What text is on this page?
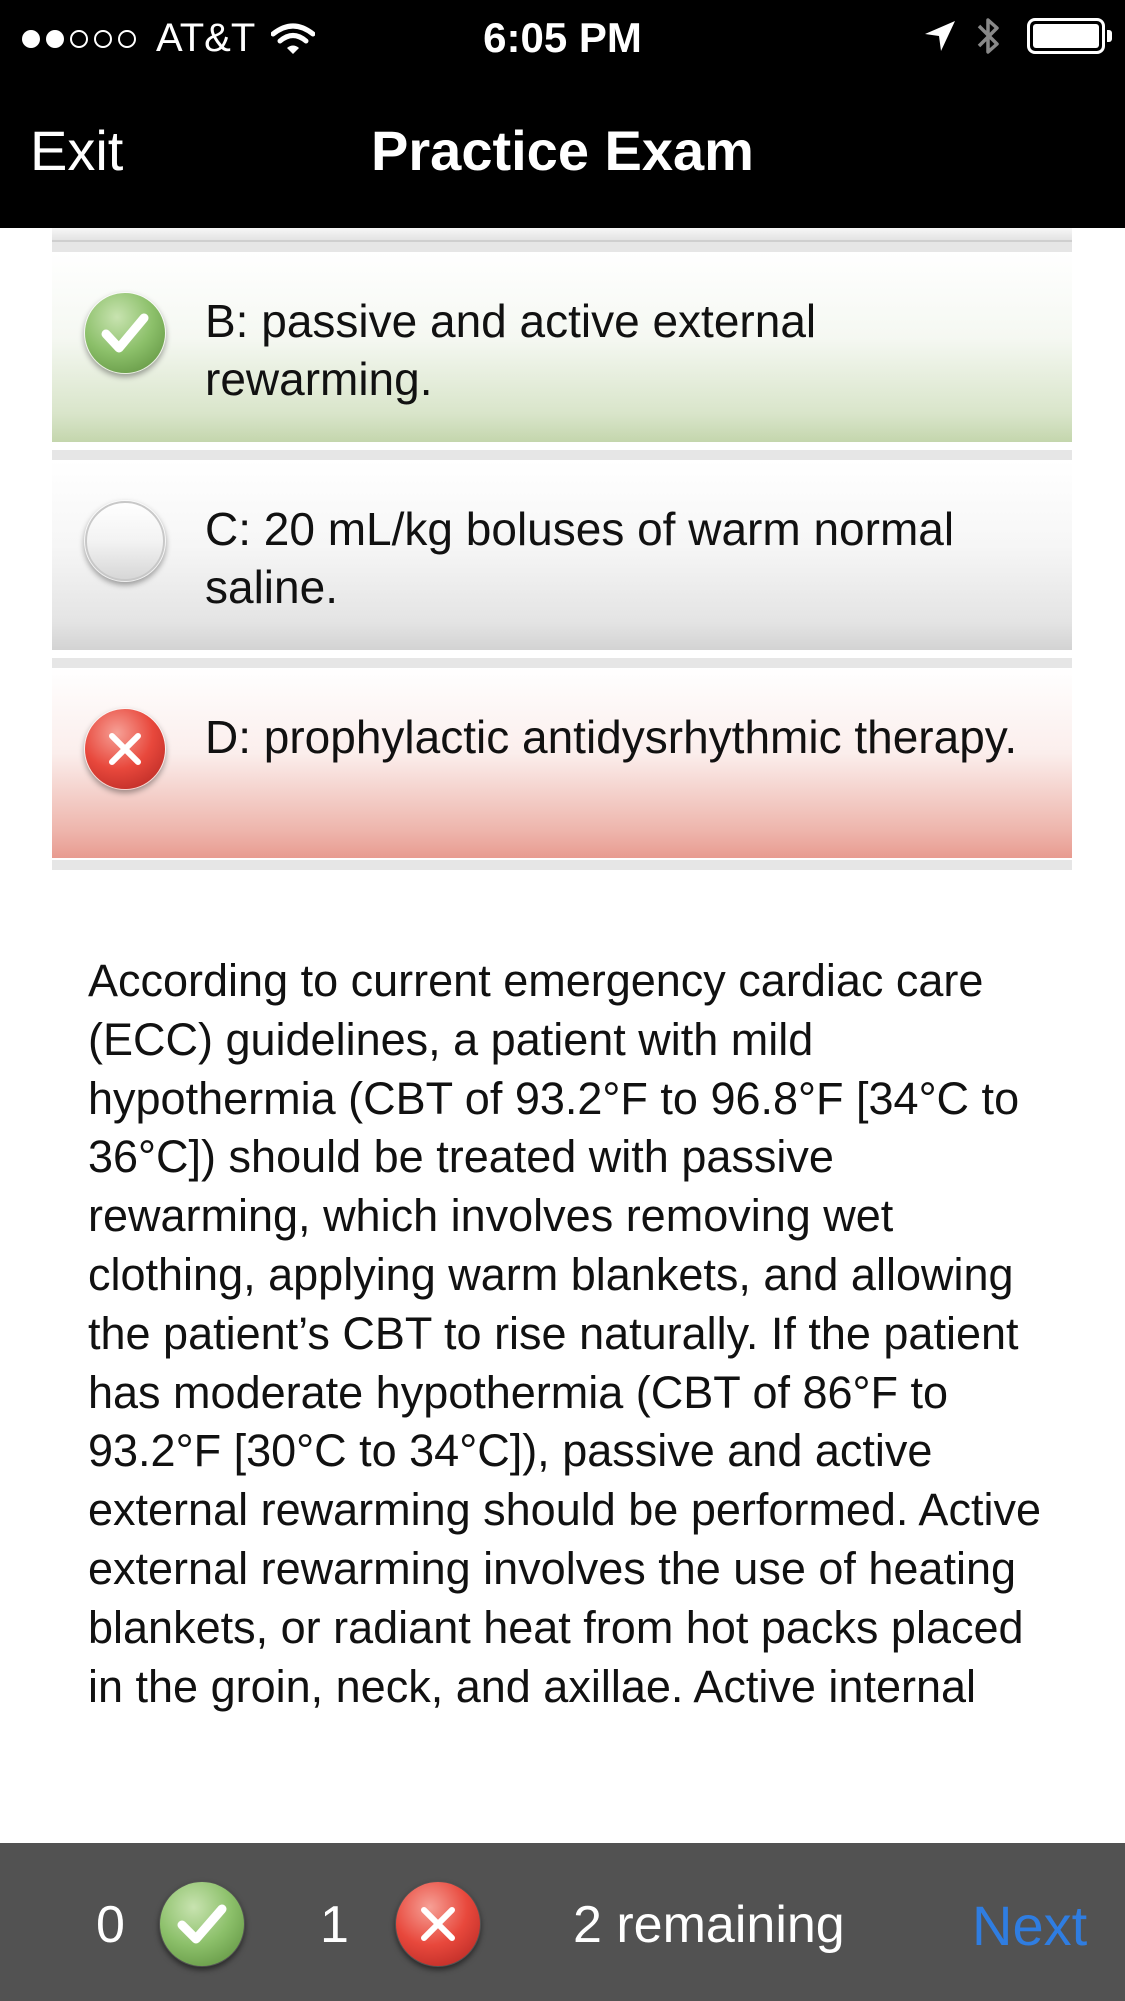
AT&T	6:05 PM
Exit	Practice Exam
B: passive and active external rewarming.
C: 20 mL/kg boluses of warm normal saline.
D: prophylactic antidysrhythmic therapy.
According to current emergency cardiac care (ECC) guidelines, a patient with mild hypothermia (CBT of 93.2°F to 96.8°F [34°C to 36°C]) should be treated with passive rewarming, which involves removing wet clothing, applying warm blankets, and allowing the patient’s CBT to rise naturally. If the patient has moderate hypothermia (CBT of 86°F to 93.2°F [30°C to 34°C]), passive and active external rewarming should be performed. Active external rewarming involves the use of heating blankets, or radiant heat from hot packs placed in the groin, neck, and axillae. Active internal
0	1	2 remaining Next
